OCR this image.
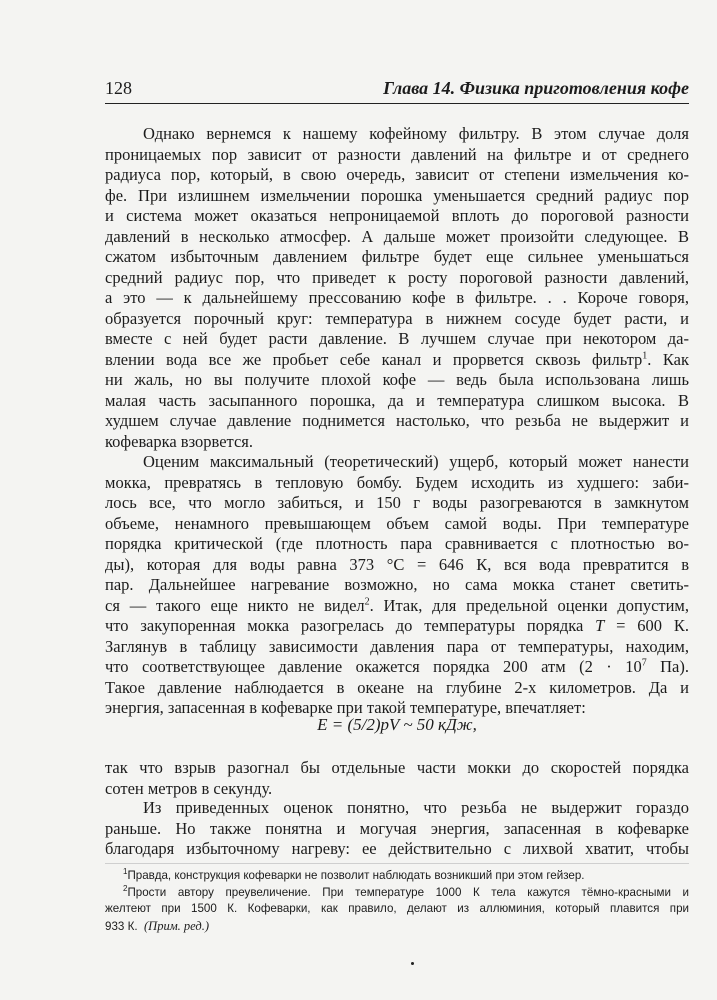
128	Глава 14. Физика приготовления кофе
Однако вернемся к нашему кофейному фильтру. В этом случае доля
проницаемых пор зависит от разности давлений на фильтре и от среднего
радиуса пор, который, в свою очередь, зависит от степени измельчения ко-
фе. При излишнем измельчении порошка уменьшается средний радиус пор
и система может оказаться непроницаемой вплоть до пороговой разности
давлений в несколько атмосфер. А дальше может произойти следующее. В
сжатом избыточным давлением фильтре будет еще сильнее уменьшаться
средний радиус пор, что приведет к росту пороговой разности давлений,
а это — к дальнейшему прессованию кофе в фильтре. . . Короче говоря,
образуется порочный круг: температура в нижнем сосуде будет расти, и
вместе с ней будет расти давление. В лучшем случае при некотором да-
влении вода все же пробьет себе канал и прорвется сквозь фильтр$^1$. Как
ни жаль, но вы получите плохой кофе — ведь была использована лишь
малая часть засыпанного порошка, да и температура слишком высока. В
худшем случае давление поднимется настолько, что резьба не выдержит и
кофеварка взорвется.
Оценим максимальный (теоретический) ущерб, который может нанести
мокка, превратясь в тепловую бомбу. Будем исходить из худшего: заби-
лось все, что могло забиться, и 150 г воды разогреваются в замкнутом
объеме, ненамного превышающем объем самой воды. При температуре
порядка критической (где плотность пара сравнивается с плотностью во-
ды), которая для воды равна 373 °С = 646 К, вся вода превратится в
пар. Дальнейшее нагревание возможно, но сама мокка станет светить-
ся — такого еще никто не видел$^2$. Итак, для предельной оценки допустим,
что закупоренная мокка разогрелась до температуры порядка T = 600 К.
Заглянув в таблицу зависимости давления пара от температуры, находим,
что соответствующее давление окажется порядка 200 атм ($2 \cdot 10^7$ Па).
Такое давление наблюдается в океане на глубине 2-х километров. Да и
энергия, запасенная в кофеварке при такой температуре, впечатляет:
E = (5/2)pV ~ 50 кДж,
так что взрыв разогнал бы отдельные части мокки до скоростей порядка
сотен метров в секунду.
Из приведенных оценок понятно, что резьба не выдержит гораздо
раньше. Но также понятна и могучая энергия, запасенная в кофеварке
благодаря избыточному нагреву: ее действительно с лихвой хватит, чтобы
$^1$Правда, конструкция кофеварки не позволит наблюдать возникший при этом гейзер.
$^2$Прости автору преувеличение. При температуре 1000 К тела кажутся тёмно-красными и
желтеют при 1500 К. Кофеварки, как правило, делают из аллюминия, который плавится при
933 К. (Прим. ред.)
